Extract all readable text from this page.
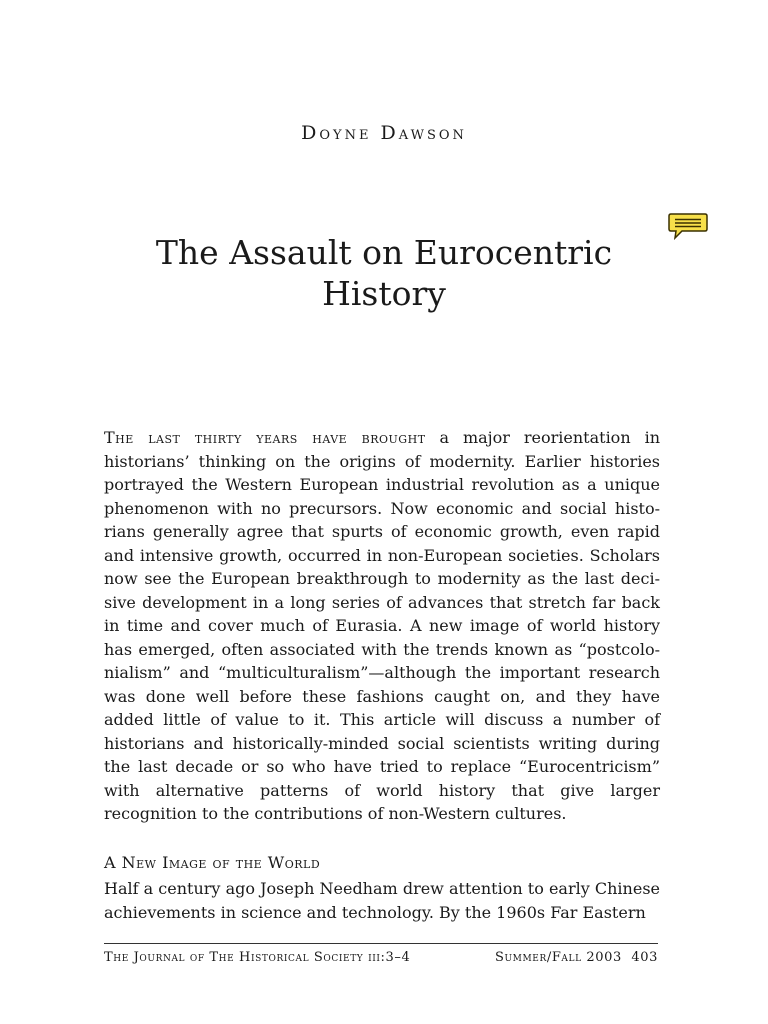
Doyne Dawson
The Assault on Eurocentric
History

The last thirty years have brought a major reorientation in historians’ thinking on the origins of modernity. Earlier histories portrayed the Western European industrial revolution as a unique phenomenon with no precursors. Now economic and social historians generally agree that spurts of economic growth, even rapid and intensive growth, occurred in non-European societies. Scholars now see the European breakthrough to modernity as the last decisive development in a long series of advances that stretch far back in time and cover much of Eurasia. A new image of world history has emerged, often associated with the trends known as “postcolonialism” and “multiculturalism”—although the important research was done well before these fashions caught on, and they have added little of value to it. This article will discuss a number of historians and historically-minded social scientists writing during the last decade or so who have tried to replace “Eurocentricism” with alternative patterns of world history that give larger recognition to the contributions of non-Western cultures.

A New Image of the World

Half a century ago Joseph Needham drew attention to early Chinese achievements in science and technology. By the 1960s Far Eastern

The Journal of The Historical Society iii:3–4	Summer/Fall 2003 403
